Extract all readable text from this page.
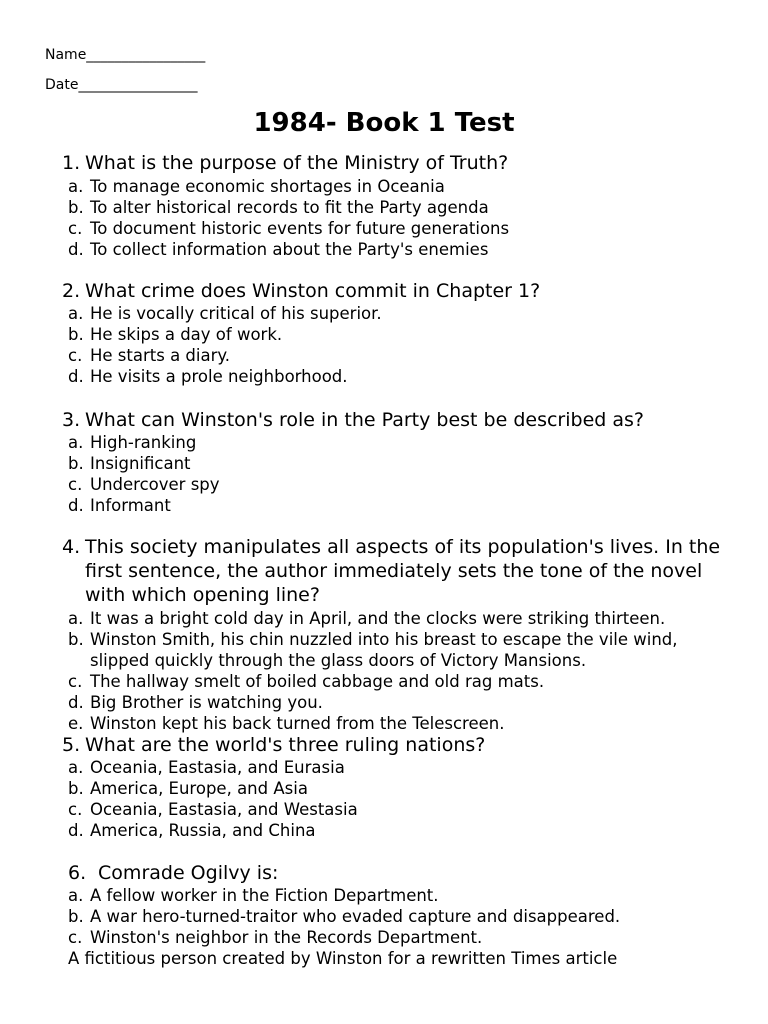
Name_________________
Date_________________
1984- Book 1 Test
1. What is the purpose of the Ministry of Truth?
a. To manage economic shortages in Oceania
b. To alter historical records to fit the Party agenda
c. To document historic events for future generations
d. To collect information about the Party's enemies
2. What crime does Winston commit in Chapter 1?
a. He is vocally critical of his superior.
b. He skips a day of work.
c. He starts a diary.
d. He visits a prole neighborhood.
3. What can Winston's role in the Party best be described as?
a. High-ranking
b. Insignificant
c. Undercover spy
d. Informant
4. This society manipulates all aspects of its population's lives. In the first sentence, the author immediately sets the tone of the novel with which opening line?
a. It was a bright cold day in April, and the clocks were striking thirteen.
b. Winston Smith, his chin nuzzled into his breast to escape the vile wind, slipped quickly through the glass doors of Victory Mansions.
c. The hallway smelt of boiled cabbage and old rag mats.
d. Big Brother is watching you.
e. Winston kept his back turned from the Telescreen.
5. What are the world's three ruling nations?
a. Oceania, Eastasia, and Eurasia
b. America, Europe, and Asia
c. Oceania, Eastasia, and Westasia
d. America, Russia, and China
6. Comrade Ogilvy is:
a. A fellow worker in the Fiction Department.
b. A war hero-turned-traitor who evaded capture and disappeared.
c. Winston's neighbor in the Records Department.
A fictitious person created by Winston for a rewritten Times article
